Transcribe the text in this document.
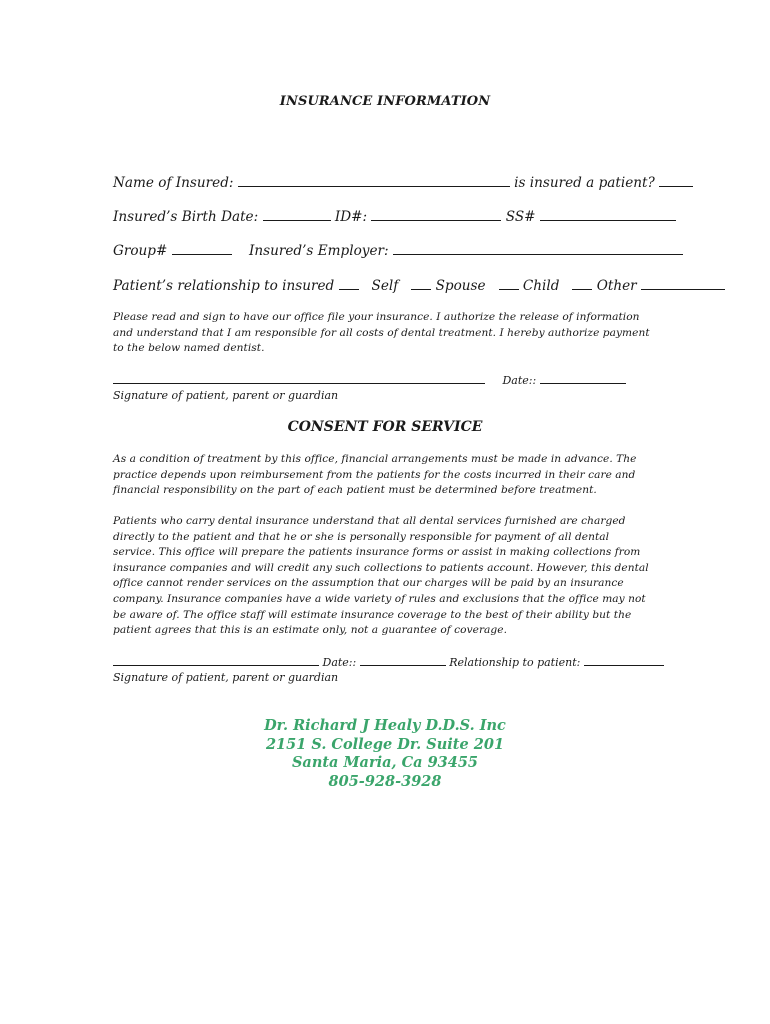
INSURANCE INFORMATION
Name of Insured:	is insured a patient?
Insured’s Birth Date:	ID#:	SS#
Group#	Insured’s Employer:
Patient’s relationship to insured	Self	Spouse	Child	Other
Please read and sign to have our office file your insurance. I authorize the release of information and understand that I am responsible for all costs of dental treatment. I hereby authorize payment to the below named dentist.
Date::
Signature of patient, parent or guardian
CONSENT FOR SERVICE
As a condition of treatment by this office, financial arrangements must be made in advance. The practice depends upon reimbursement from the patients for the costs incurred in their care and financial responsibility on the part of each patient must be determined before treatment.
Patients who carry dental insurance understand that all dental services furnished are charged directly to the patient and that he or she is personally responsible for payment of all dental service. This office will prepare the patients insurance forms or assist in making collections from insurance companies and will credit any such collections to patients account. However, this dental office cannot render services on the assumption that our charges will be paid by an insurance company. Insurance companies have a wide variety of rules and exclusions that the office may not be aware of. The office staff will estimate insurance coverage to the best of their ability but the patient agrees that this is an estimate only, not a guarantee of coverage.
Date::	Relationship to patient:
Signature of patient, parent or guardian
Dr. Richard J Healy D.D.S. Inc
2151 S. College Dr. Suite 201
Santa Maria, Ca 93455
805-928-3928
